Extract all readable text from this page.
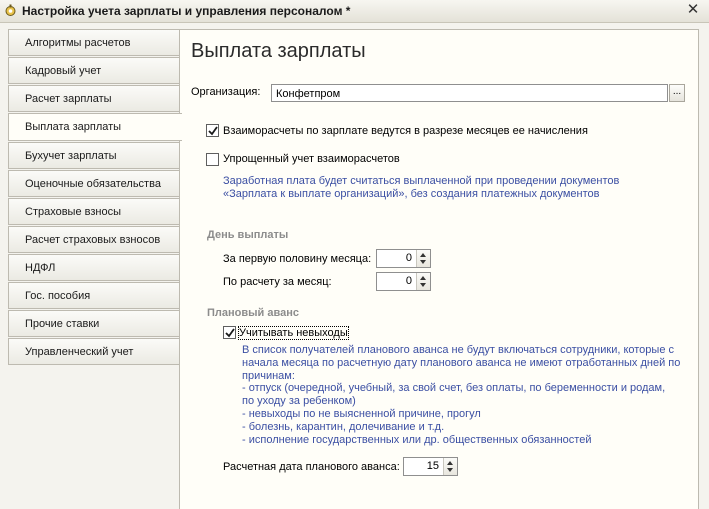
Настройка учета зарплаты и управления персоналом *	✕
Алгоритмы расчетов
Кадровый учет
Расчет зарплаты
Выплата зарплаты
Бухучет зарплаты
Оценочные обязательства
Страховые взносы
Расчет страховых взносов
НДФЛ
Гос. пособия
Прочие ставки
Управленческий учет
Выплата зарплаты
Организация:	Конфетпром	...
Взаиморасчеты по зарплате ведутся в разрезе месяцев ее начисления
Упрощенный учет взаиморасчетов
Заработная плата будет считаться выплаченной при проведении документов
«Зарплата к выплате организаций», без создания платежных документов
День выплаты
За первую половину месяца:	0
По расчету за месяц:	0
Плановый аванс
Учитывать невыходы
В список получателей планового аванса не будут включаться сотрудники, которые с
начала месяца по расчетную дату планового аванса не имеют отработанных дней по
причинам:
- отпуск (очередной, учебный, за свой счет, без оплаты, по беременности и родам,
по уходу за ребенком)
- невыходы по не выясненной причине, прогул
- болезнь, карантин, долечивание и т.д.
- исполнение государственных или др. общественных обязанностей
Расчетная дата планового аванса: 15
